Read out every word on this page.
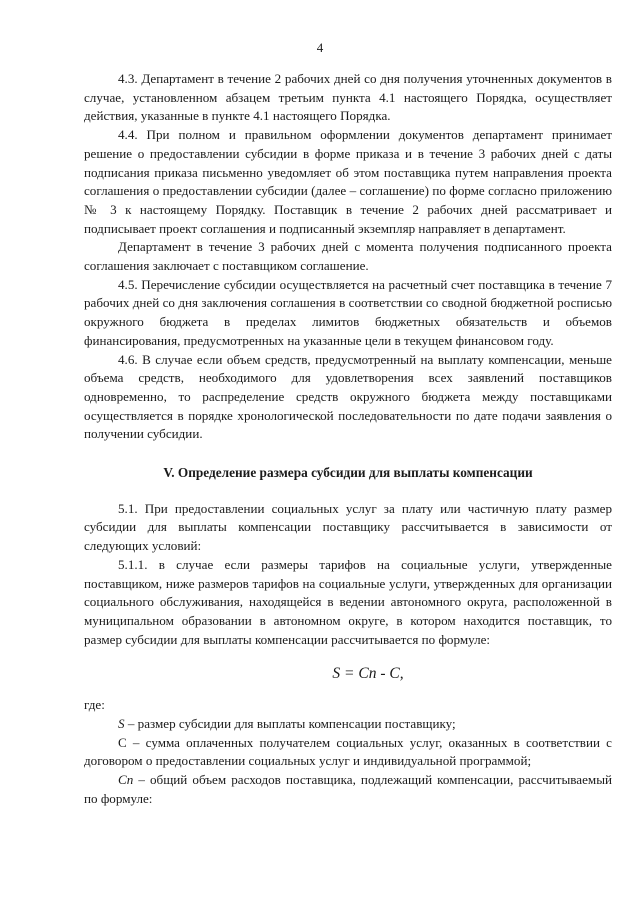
4

4.3. Департамент в течение 2 рабочих дней со дня получения уточненных документов в случае, установленном абзацем третьим пункта 4.1 настоящего Порядка, осуществляет действия, указанные в пункте 4.1 настоящего Порядка.

4.4. При полном и правильном оформлении документов департамент принимает решение о предоставлении субсидии в форме приказа и в течение 3 рабочих дней с даты подписания приказа письменно уведомляет об этом поставщика путем направления проекта соглашения о предоставлении субсидии (далее – соглашение) по форме согласно приложению № 3 к настоящему Порядку. Поставщик в течение 2 рабочих дней рассматривает и подписывает проект соглашения и подписанный экземпляр направляет в департамент.

Департамент в течение 3 рабочих дней с момента получения подписанного проекта соглашения заключает с поставщиком соглашение.

4.5. Перечисление субсидии осуществляется на расчетный счет поставщика в течение 7 рабочих дней со дня заключения соглашения в соответствии со сводной бюджетной росписью окружного бюджета в пределах лимитов бюджетных обязательств и объемов финансирования, предусмотренных на указанные цели в текущем финансовом году.

4.6. В случае если объем средств, предусмотренный на выплату компенсации, меньше объема средств, необходимого для удовлетворения всех заявлений поставщиков одновременно, то распределение средств окружного бюджета между поставщиками осуществляется в порядке хронологической последовательности по дате подачи заявления о получении субсидии.

V. Определение размера субсидии для выплаты компенсации

5.1. При предоставлении социальных услуг за плату или частичную плату размер субсидии для выплаты компенсации поставщику рассчитывается в зависимости от следующих условий:

5.1.1. в случае если размеры тарифов на социальные услуги, утвержденные поставщиком, ниже размеров тарифов на социальные услуги, утвержденных для организации социального обслуживания, находящейся в ведении автономного округа, расположенной в муниципальном образовании в автономном округе, в котором находится поставщик, то размер субсидии для выплаты компенсации рассчитывается по формуле:

S = Cп - C,

где:

S – размер субсидии для выплаты компенсации поставщику;

C – сумма оплаченных получателем социальных услуг, оказанных в соответствии с договором о предоставлении социальных услуг и индивидуальной программой;

Cп – общий объем расходов поставщика, подлежащий компенсации, рассчитываемый по формуле:
